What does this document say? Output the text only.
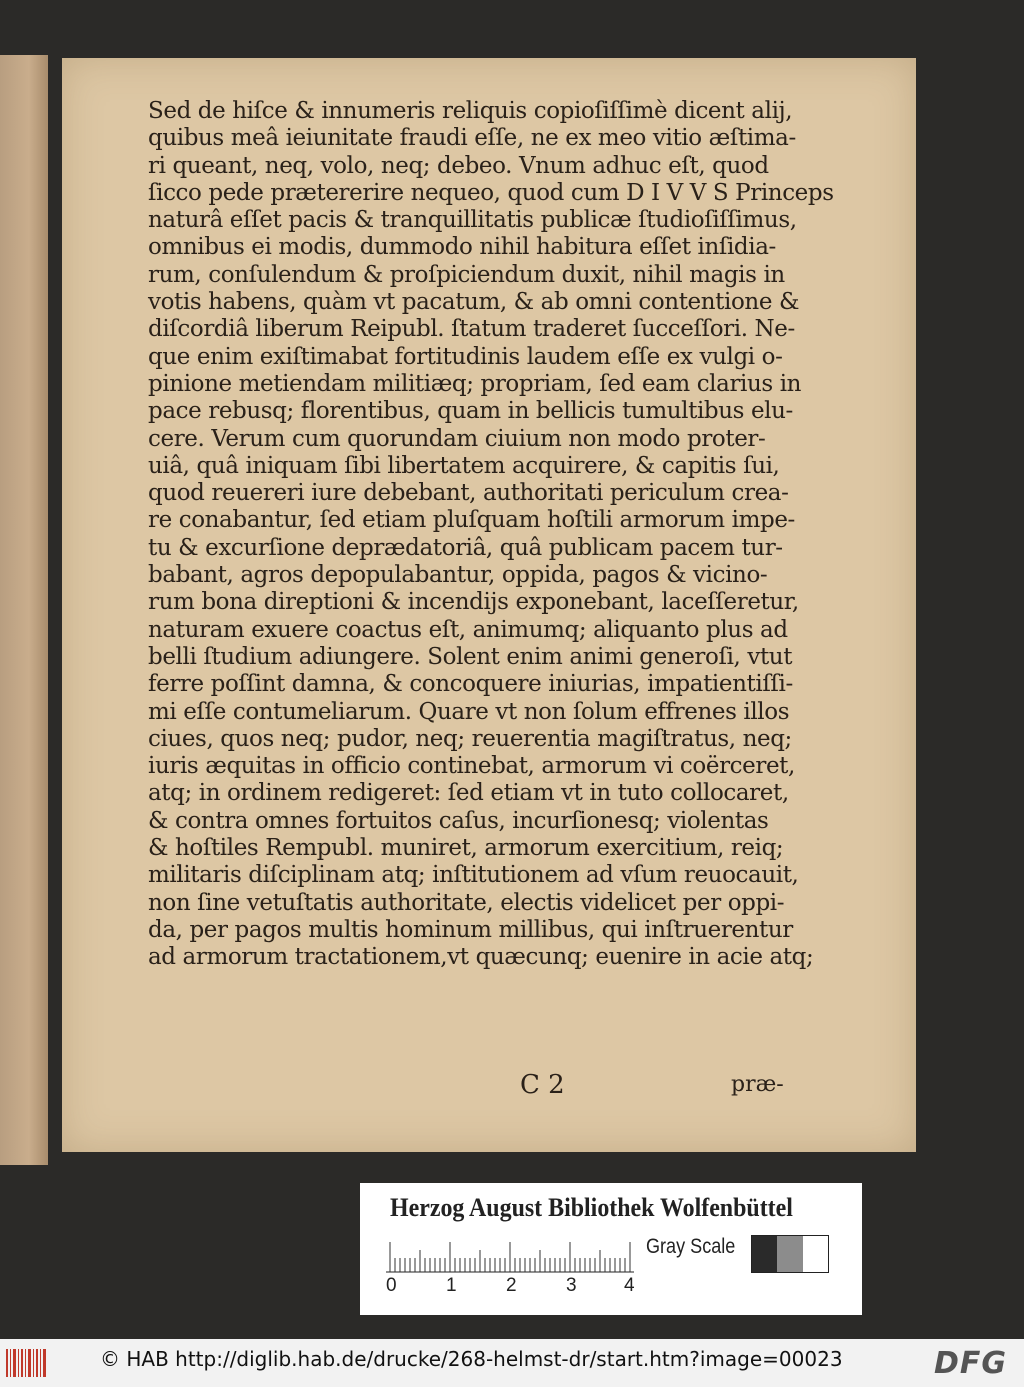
Sed de hiſce & innumeris reliquis copioſiſſimè dicent alij,
quibus meâ ieiunitate fraudi eſſe, ne ex meo vitio æſtima-
ri queant, neq, volo, neq; debeo. Vnum adhuc eſt, quod
ſicco pede prætererire nequeo, quod cum D I V V S Princeps
naturâ eſſet pacis & tranquillitatis publicæ ſtudioſiſſimus,
omnibus ei modis, dummodo nihil habitura eſſet inſidia-
rum, conſulendum & proſpiciendum duxit, nihil magis in
votis habens, quàm vt pacatum, & ab omni contentione &
diſcordiâ liberum Reipubl. ſtatum traderet ſucceſſori. Ne-
que enim exiſtimabat fortitudinis laudem eſſe ex vulgi o-
pinione metiendam militiæq; propriam, ſed eam clarius in
pace rebusq; florentibus, quam in bellicis tumultibus elu-
cere. Verum cum quorundam ciuium non modo proter-
uiâ, quâ iniquam ſibi libertatem acquirere, & capitis ſui,
quod reuereri iure debebant, authoritati periculum crea-
re conabantur, ſed etiam pluſquam hoſtili armorum impe-
tu & excurſione deprædatoriâ, quâ publicam pacem tur-
babant, agros depopulabantur, oppida, pagos & vicino-
rum bona direptioni & incendijs exponebant, laceſſeretur,
naturam exuere coactus eſt, animumq; aliquanto plus ad
belli ſtudium adiungere. Solent enim animi generoſi, vtut
ferre poſſint damna, & concoquere iniurias, impatientiſſi-
mi eſſe contumeliarum. Quare vt non ſolum effrenes illos
ciues, quos neq; pudor, neq; reuerentia magiſtratus, neq;
iuris æquitas in officio continebat, armorum vi coërceret,
atq; in ordinem redigeret: ſed etiam vt in tuto collocaret,
& contra omnes fortuitos caſus, incurſionesq; violentas
& hoſtiles Rempubl. muniret, armorum exercitium, reiq;
militaris diſciplinam atq; inſtitutionem ad vſum reuocauit,
non ſine vetuſtatis authoritate, electis videlicet per oppi-
da, per pagos multis hominum millibus, qui inſtruerentur
ad armorum tractationem,vt quæcunq; euenire in acie atq;
C 2	præ-
Herzog August Bibliothek Wolfenbüttel
0	1	2	3 4
Gray Scale
© HAB http://diglib.hab.de/drucke/268-helmst-dr/start.htm?image=00023	DFG
